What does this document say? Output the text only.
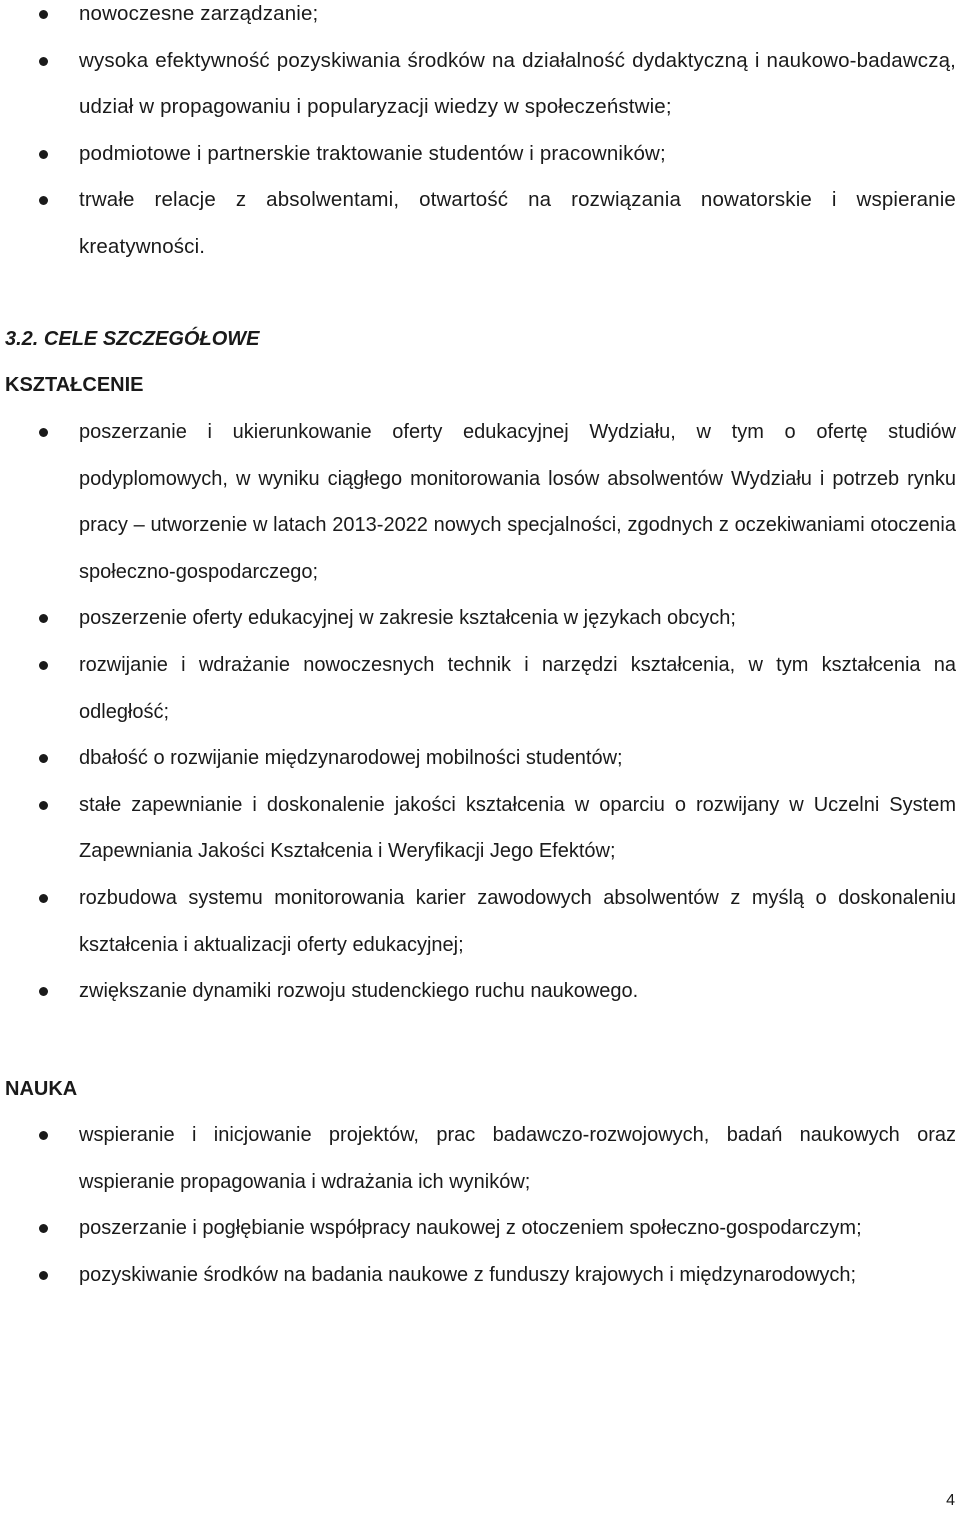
nowoczesne zarządzanie;
wysoka efektywność pozyskiwania środków na działalność dydaktyczną i naukowo-badawczą, udział w propagowaniu i popularyzacji wiedzy w społeczeństwie;
podmiotowe i partnerskie traktowanie studentów i pracowników;
trwałe relacje z absolwentami, otwartość na rozwiązania nowatorskie i wspieranie kreatywności.
3.2. CELE SZCZEGÓŁOWE
KSZTAŁCENIE
poszerzanie i ukierunkowanie oferty edukacyjnej Wydziału, w tym o ofertę studiów podyplomowych, w wyniku ciągłego monitorowania losów absolwentów Wydziału i potrzeb rynku pracy – utworzenie w latach 2013-2022 nowych specjalności, zgodnych z oczekiwaniami otoczenia społeczno-gospodarczego;
poszerzenie oferty edukacyjnej w zakresie kształcenia w językach obcych;
rozwijanie i wdrażanie nowoczesnych technik i narzędzi kształcenia, w tym kształcenia na odległość;
dbałość o rozwijanie międzynarodowej mobilności studentów;
stałe zapewnianie i doskonalenie jakości kształcenia w oparciu o rozwijany w Uczelni System Zapewniania Jakości Kształcenia i Weryfikacji Jego Efektów;
rozbudowa systemu monitorowania karier zawodowych absolwentów z myślą o doskonaleniu kształcenia i aktualizacji oferty edukacyjnej;
zwiększanie dynamiki rozwoju studenckiego ruchu naukowego.
NAUKA
wspieranie i inicjowanie projektów, prac badawczo-rozwojowych, badań naukowych oraz wspieranie propagowania i wdrażania ich wyników;
poszerzanie i pogłębianie współpracy naukowej z otoczeniem społeczno-gospodarczym;
pozyskiwanie środków na badania naukowe z funduszy krajowych i międzynarodowych;
4
